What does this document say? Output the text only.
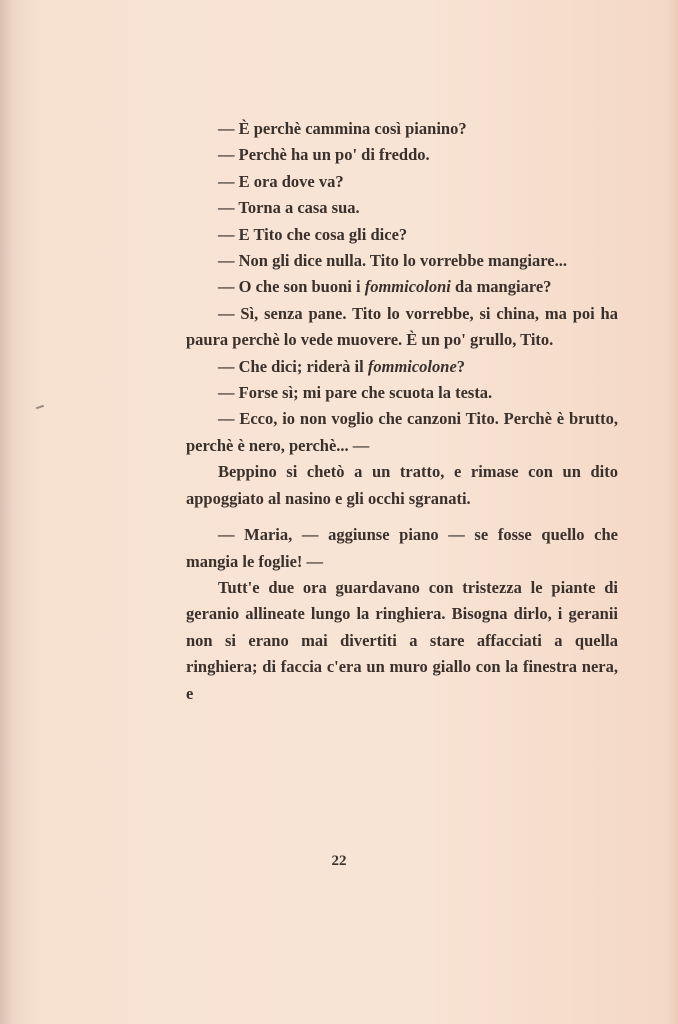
— È perchè cammina così pianino?

— Perchè ha un po' di freddo.

— E ora dove va?

— Torna a casa sua.

— E Tito che cosa gli dice?

— Non gli dice nulla. Tito lo vorrebbe mangiare...

— O che son buoni i fommicoloni da mangiare?

— Sì, senza pane. Tito lo vorrebbe, si china, ma poi ha paura perchè lo vede muovere. È un po' grullo, Tito.

— Che dici; riderà il fommicolone?

— Forse sì; mi pare che scuota la testa.

— Ecco, io non voglio che canzoni Tito. Perchè è brutto, perchè è nero, perchè... —

Beppino si chetò a un tratto, e rimase con un dito appoggiato al nasino e gli occhi sgranati.

— Maria, — aggiunse piano — se fosse quello che mangia le foglie! —

Tutt'e due ora guardavano con tristezza le piante di geranio allineate lungo la ringhiera. Bisogna dirlo, i geranii non si erano mai divertiti a stare affacciati a quella ringhiera; di faccia c'era un muro giallo con la finestra nera, e

22
